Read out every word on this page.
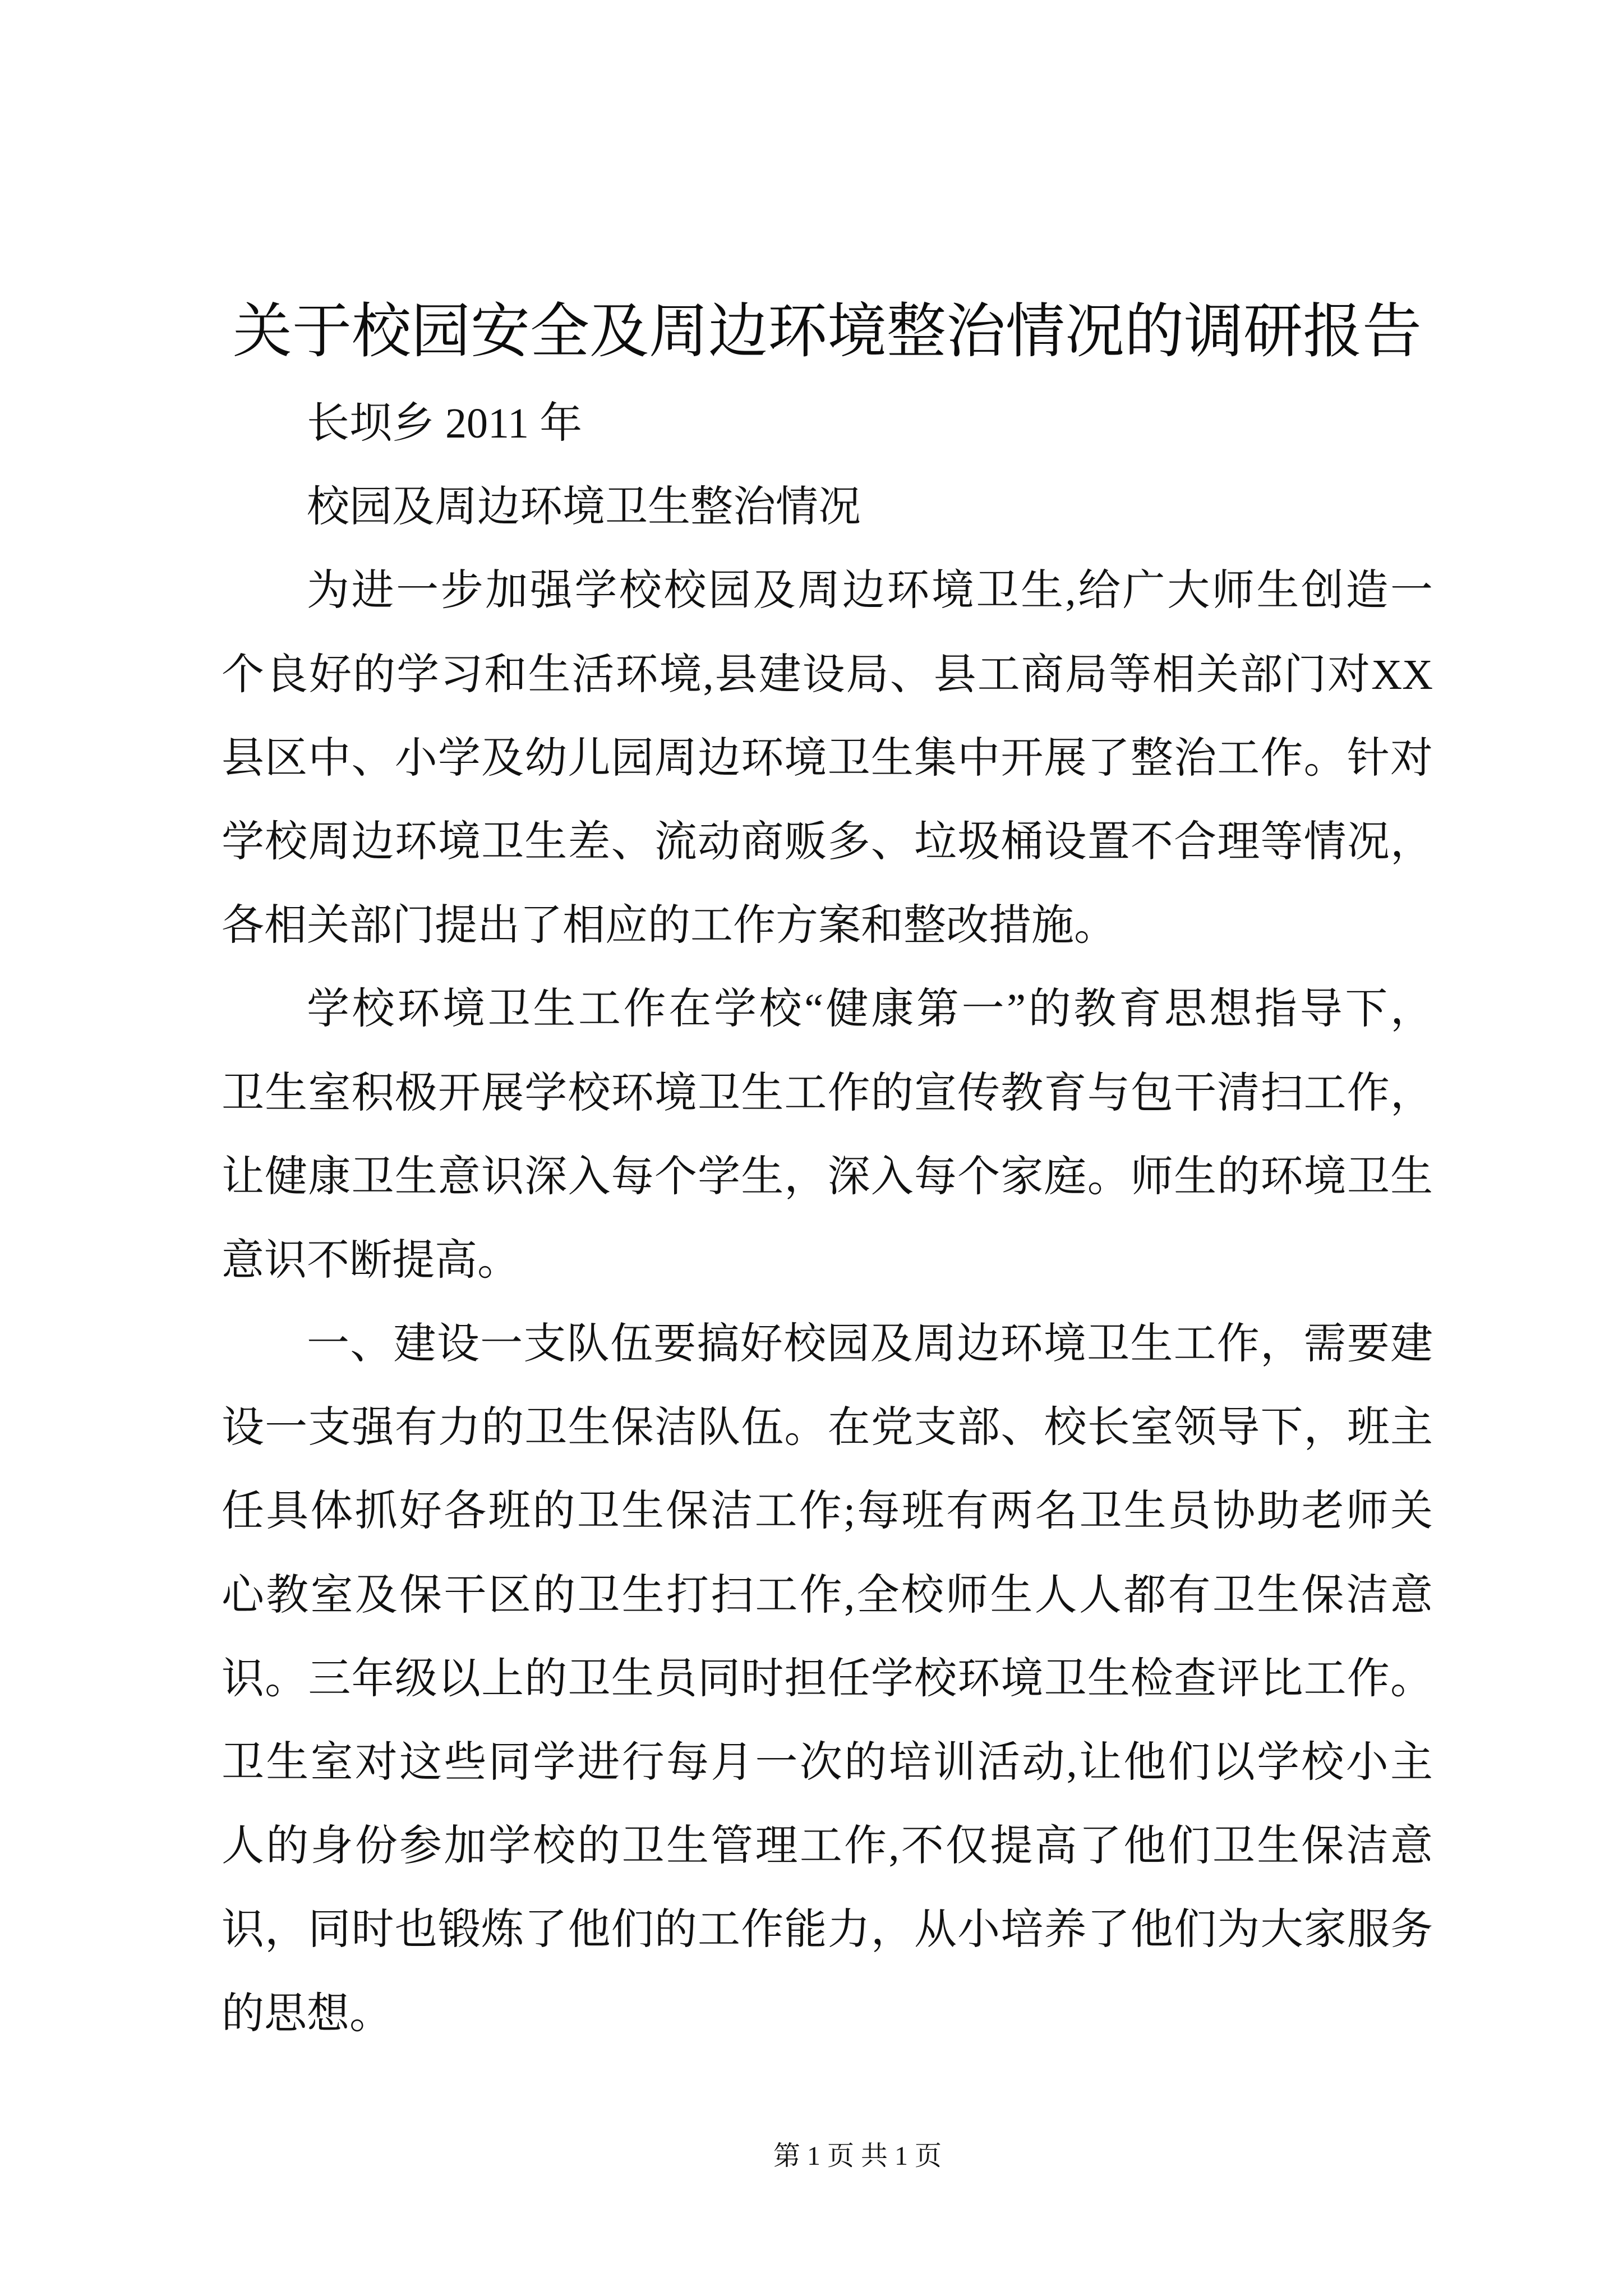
关于校园安全及周边环境整治情况的调研报告
长坝乡 2011 年
校园及周边环境卫生整治情况
为进一步加强学校校园及周边环境卫生,给广大师生创造一
个良好的学习和生活环境,县建设局、县工商局等相关部门对XX
县区中、小学及幼儿园周边环境卫生集中开展了整治工作。针对
学校周边环境卫生差、流动商贩多、垃圾桶设置不合理等情况，
各相关部门提出了相应的工作方案和整改措施。
学校环境卫生工作在学校“健康第一”的教育思想指导下，
卫生室积极开展学校环境卫生工作的宣传教育与包干清扫工作，
让健康卫生意识深入每个学生，深入每个家庭。师生的环境卫生
意识不断提高。
一、建设一支队伍要搞好校园及周边环境卫生工作，需要建
设一支强有力的卫生保洁队伍。在党支部、校长室领导下，班主
任具体抓好各班的卫生保洁工作;每班有两名卫生员协助老师关
心教室及保干区的卫生打扫工作,全校师生人人都有卫生保洁意
识。三年级以上的卫生员同时担任学校环境卫生检查评比工作。
卫生室对这些同学进行每月一次的培训活动,让他们以学校小主
人的身份参加学校的卫生管理工作,不仅提高了他们卫生保洁意
识，同时也锻炼了他们的工作能力，从小培养了他们为大家服务
的思想。
第 1 页 共 1 页
